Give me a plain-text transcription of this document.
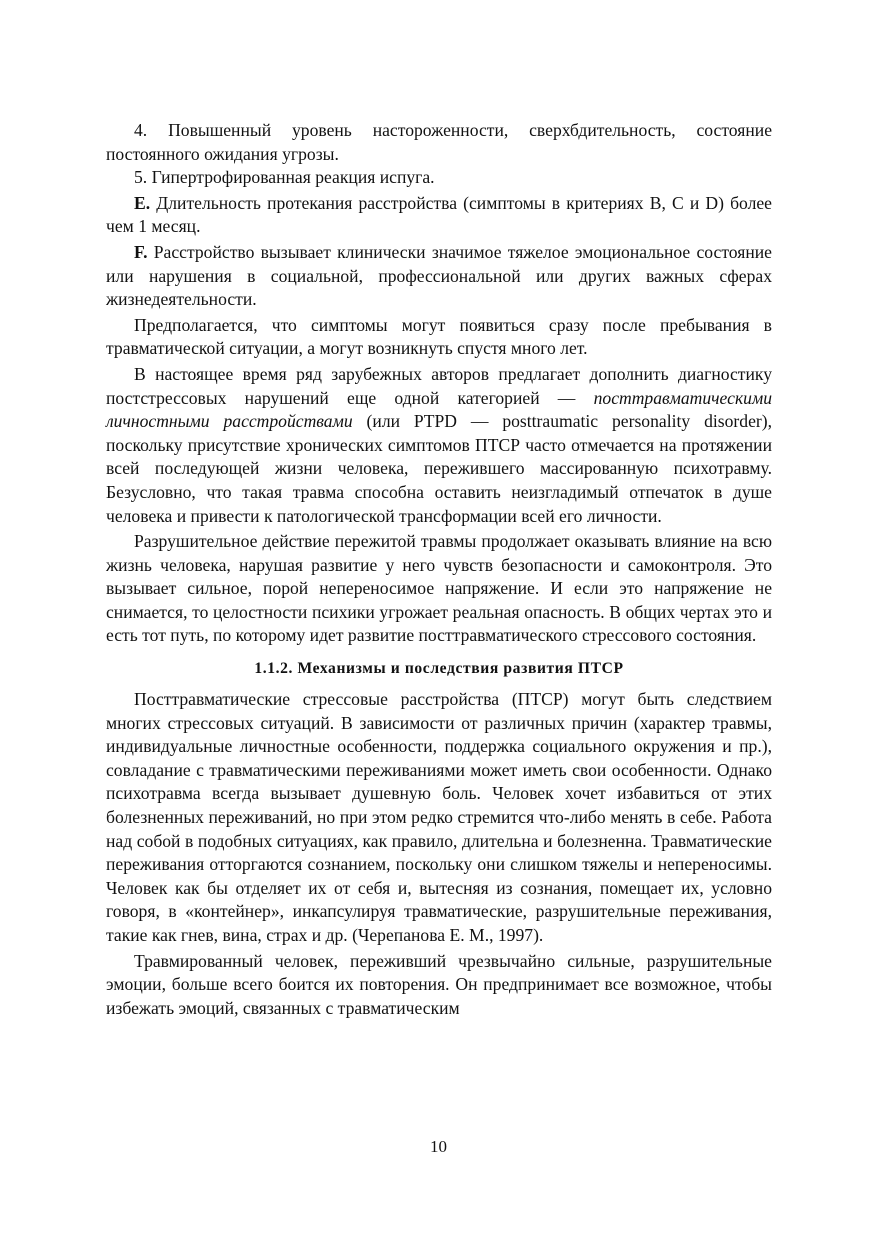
4. Повышенный уровень настороженности, сверхбдительность, состояние постоянного ожидания угрозы.

5. Гипертрофированная реакция испуга.

E. Длительность протекания расстройства (симптомы в критериях В, С и D) более чем 1 месяц.

F. Расстройство вызывает клинически значимое тяжелое эмоциональное состояние или нарушения в социальной, профессиональной или других важных сферах жизнедеятельности.

Предполагается, что симптомы могут появиться сразу после пребывания в травматической ситуации, а могут возникнуть спустя много лет.

В настоящее время ряд зарубежных авторов предлагает дополнить диагностику постстрессовых нарушений еще одной категорией — посттравматическими личностными расстройствами (или PTPD — posttraumatic personality disorder), поскольку присутствие хронических симптомов ПТСР часто отмечается на протяжении всей последующей жизни человека, пережившего массированную психотравму. Безусловно, что такая травма способна оставить неизгладимый отпечаток в душе человека и привести к патологической трансформации всей его личности.

Разрушительное действие пережитой травмы продолжает оказывать влияние на всю жизнь человека, нарушая развитие у него чувств безопасности и самоконтроля. Это вызывает сильное, порой непереносимое напряжение. И если это напряжение не снимается, то целостности психики угрожает реальная опасность. В общих чертах это и есть тот путь, по которому идет развитие посттравматического стрессового состояния.

1.1.2. Механизмы и последствия развития ПТСР

Посттравматические стрессовые расстройства (ПТСР) могут быть следствием многих стрессовых ситуаций. В зависимости от различных причин (характер травмы, индивидуальные личностные особенности, поддержка социального окружения и пр.), совладание с травматическими переживаниями может иметь свои особенности. Однако психотравма всегда вызывает душевную боль. Человек хочет избавиться от этих болезненных переживаний, но при этом редко стремится что-либо менять в себе. Работа над собой в подобных ситуациях, как правило, длительна и болезненна. Травматические переживания отторгаются сознанием, поскольку они слишком тяжелы и непереносимы. Человек как бы отделяет их от себя и, вытесняя из сознания, помещает их, условно говоря, в «контейнер», инкапсулируя травматические, разрушительные переживания, такие как гнев, вина, страх и др. (Черепанова Е. М., 1997).

Травмированный человек, переживший чрезвычайно сильные, разрушительные эмоции, больше всего боится их повторения. Он предпринимает все возможное, чтобы избежать эмоций, связанных с травматическим

10
